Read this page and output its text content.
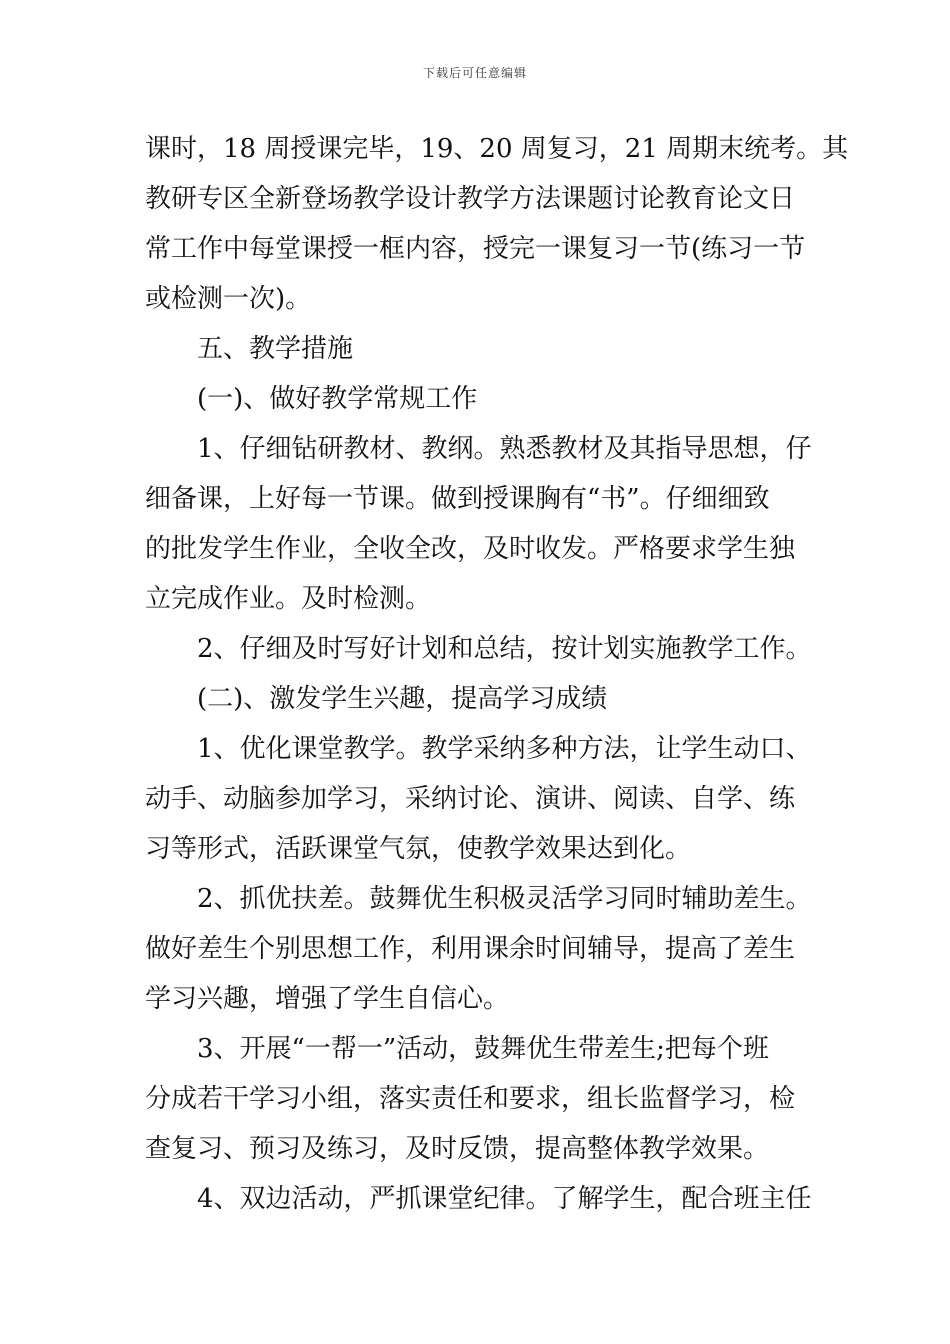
下载后可任意编辑
课时，18 周授课完毕，19、20 周复习，21 周期末统考。其
教研专区全新登场教学设计教学方法课题讨论教育论文日
常工作中每堂课授一框内容，授完一课复习一节(练习一节
或检测一次)。
五、教学措施
(一)、做好教学常规工作
1、仔细钻研教材、教纲。熟悉教材及其指导思想，仔
细备课，上好每一节课。做到授课胸有“书”。仔细细致
的批发学生作业，全收全改，及时收发。严格要求学生独
立完成作业。及时检测。
2、仔细及时写好计划和总结，按计划实施教学工作。
(二)、激发学生兴趣，提高学习成绩
1、优化课堂教学。教学采纳多种方法，让学生动口、
动手、动脑参加学习，采纳讨论、演讲、阅读、自学、练
习等形式，活跃课堂气氛，使教学效果达到化。
2、抓优扶差。鼓舞优生积极灵活学习同时辅助差生。
做好差生个别思想工作，利用课余时间辅导，提高了差生
学习兴趣，增强了学生自信心。
3、开展“一帮一”活动，鼓舞优生带差生;把每个班
分成若干学习小组，落实责任和要求，组长监督学习，检
查复习、预习及练习，及时反馈，提高整体教学效果。
4、双边活动，严抓课堂纪律。了解学生，配合班主任
